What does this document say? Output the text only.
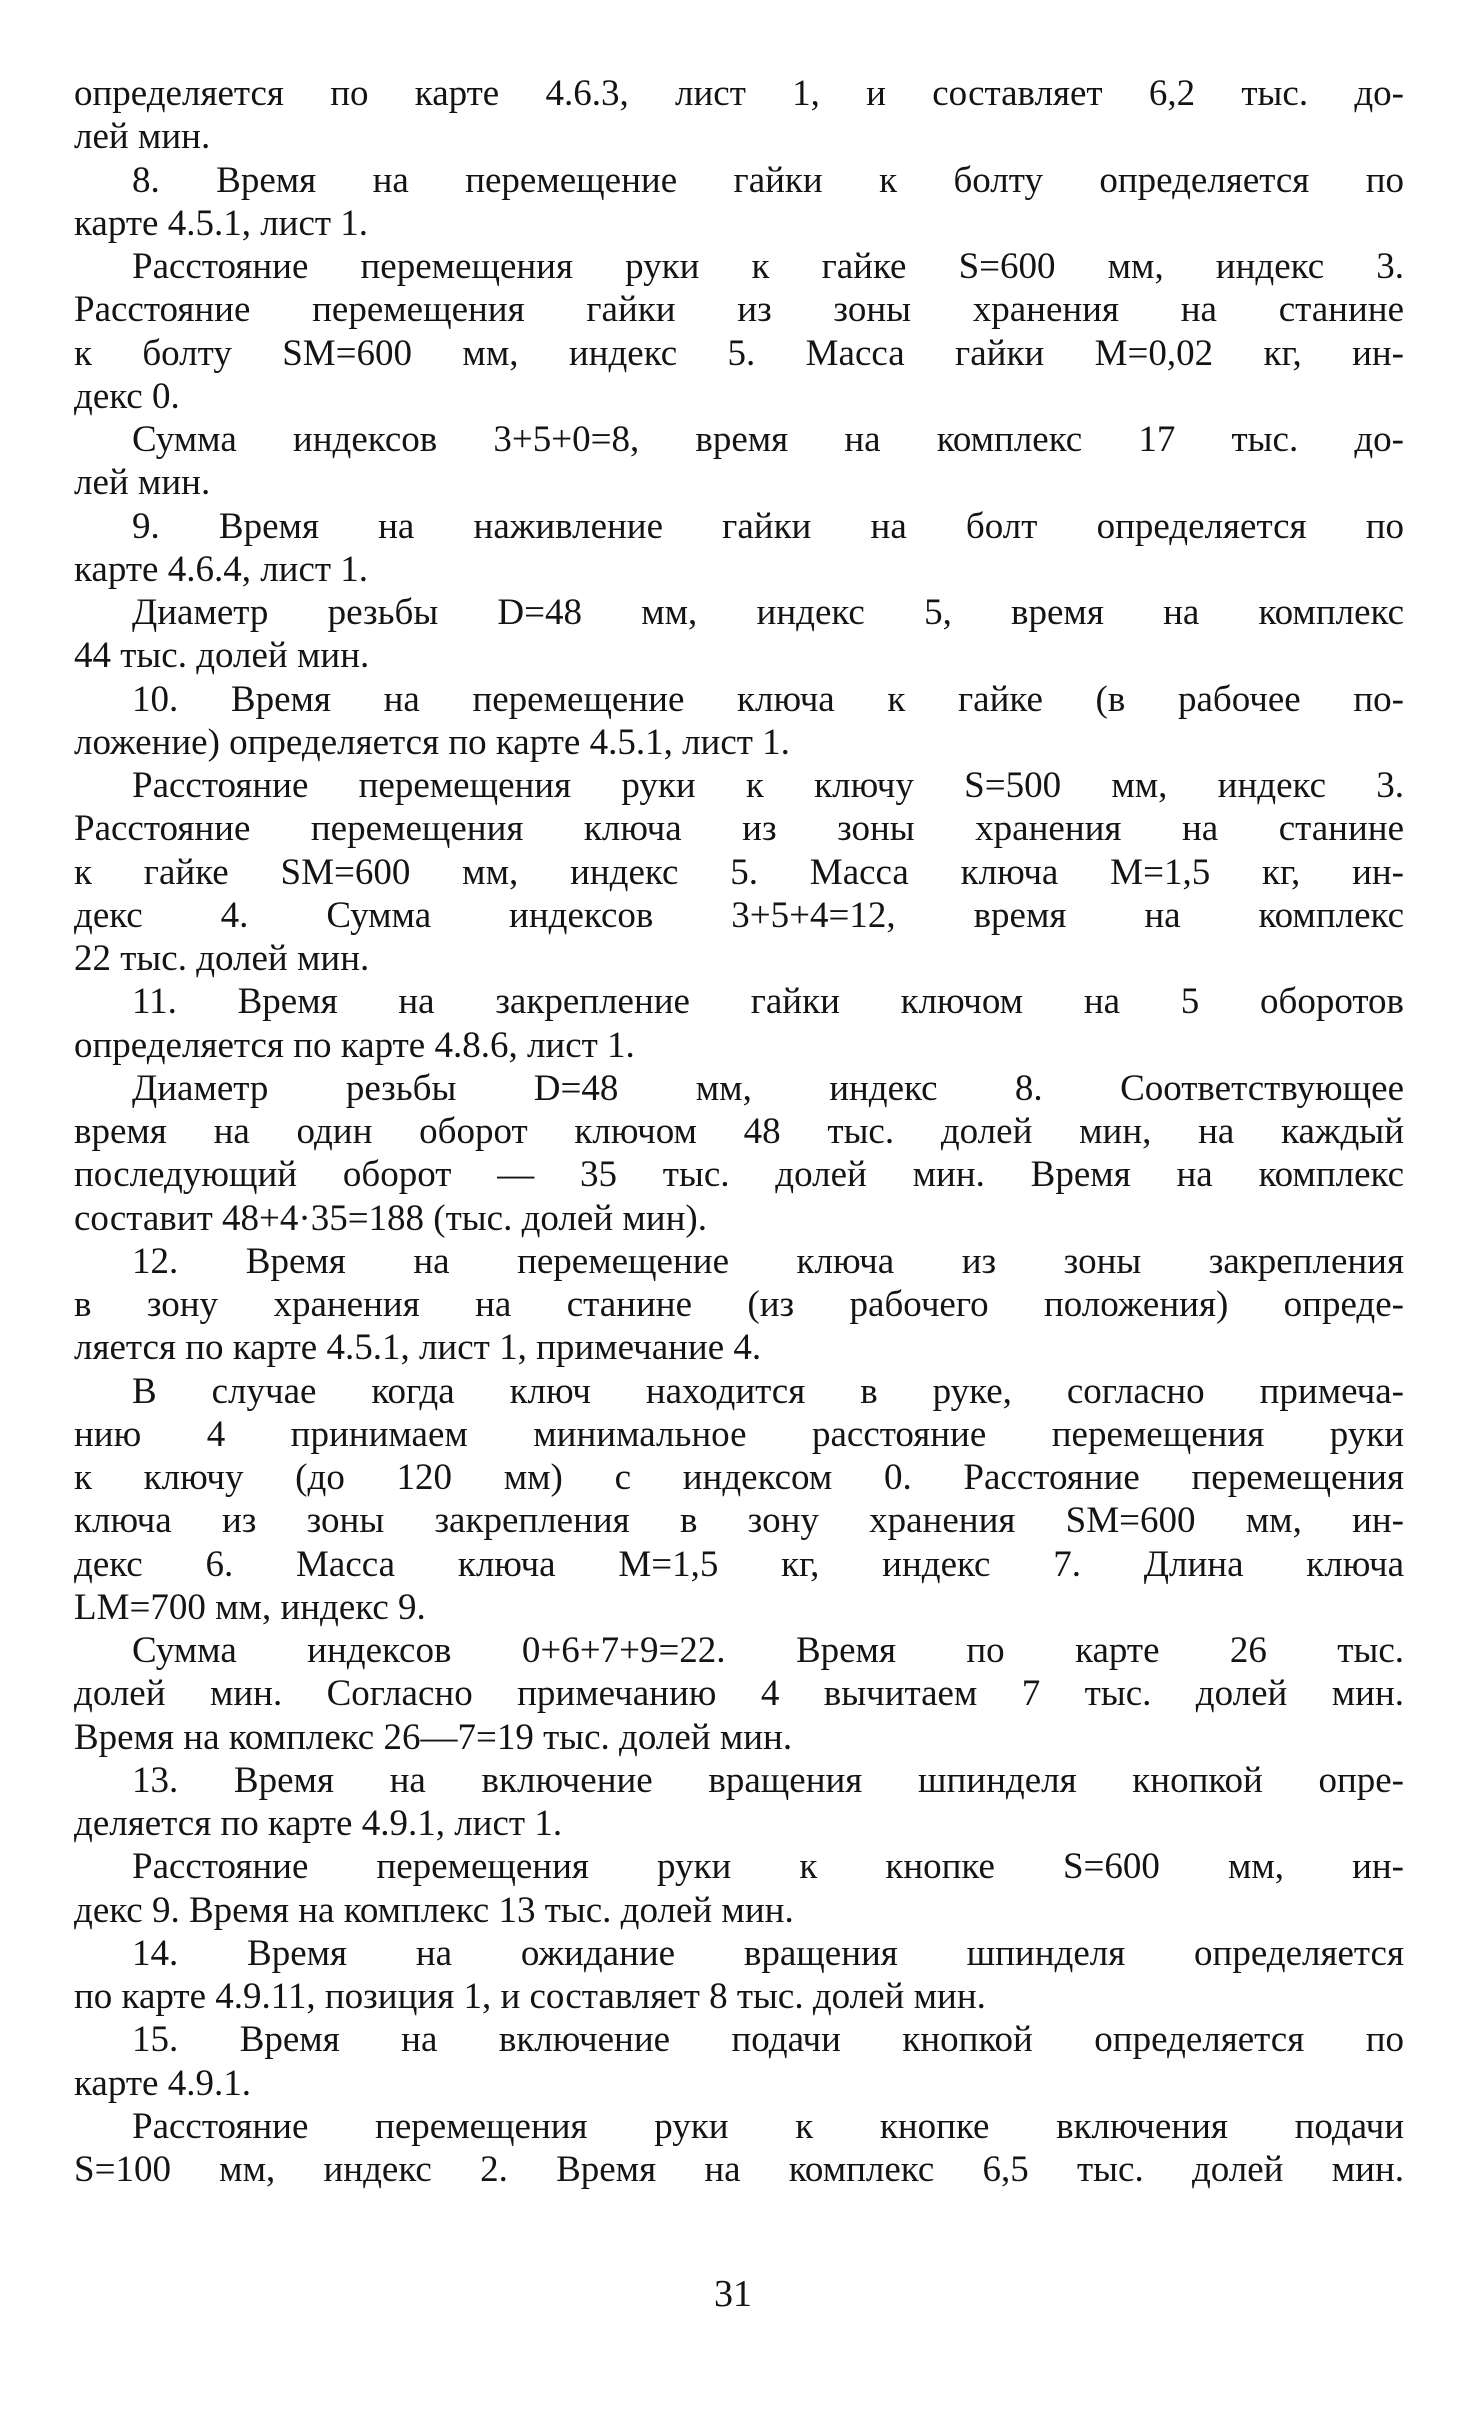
определяется по карте 4.6.3, лист 1, и составляет 6,2 тыс. до-
лей мин.
8. Время на перемещение гайки к болту определяется по
карте 4.5.1, лист 1.
Расстояние перемещения руки к гайке S=600 мм, индекс 3.
Расстояние перемещения гайки из зоны хранения на станине
к болту SM=600 мм, индекс 5. Масса гайки M=0,02 кг, ин-
декс 0.
Сумма индексов 3+5+0=8, время на комплекс 17 тыс. до-
лей мин.
9. Время на наживление гайки на болт определяется по
карте 4.6.4, лист 1.
Диаметр резьбы D=48 мм, индекс 5, время на комплекс
44 тыс. долей мин.
10. Время на перемещение ключа к гайке (в рабочее по-
ложение) определяется по карте 4.5.1, лист 1.
Расстояние перемещения руки к ключу S=500 мм, индекс 3.
Расстояние перемещения ключа из зоны хранения на станине
к гайке SM=600 мм, индекс 5. Масса ключа M=1,5 кг, ин-
декс 4. Сумма индексов 3+5+4=12, время на комплекс
22 тыс. долей мин.
11. Время на закрепление гайки ключом на 5 оборотов
определяется по карте 4.8.6, лист 1.
Диаметр резьбы D=48 мм, индекс 8. Соответствующее
время на один оборот ключом 48 тыс. долей мин, на каждый
последующий оборот — 35 тыс. долей мин. Время на комплекс
составит 48+4·35=188 (тыс. долей мин).
12. Время на перемещение ключа из зоны закрепления
в зону хранения на станине (из рабочего положения) опреде-
ляется по карте 4.5.1, лист 1, примечание 4.
В случае когда ключ находится в руке, согласно примеча-
нию 4 принимаем минимальное расстояние перемещения руки
к ключу (до 120 мм) с индексом 0. Расстояние перемещения
ключа из зоны закрепления в зону хранения SM=600 мм, ин-
декс 6. Масса ключа M=1,5 кг, индекс 7. Длина ключа
LM=700 мм, индекс 9.
Сумма индексов 0+6+7+9=22. Время по карте 26 тыс.
долей мин. Согласно примечанию 4 вычитаем 7 тыс. долей мин.
Время на комплекс 26—7=19 тыс. долей мин.
13. Время на включение вращения шпинделя кнопкой опре-
деляется по карте 4.9.1, лист 1.
Расстояние перемещения руки к кнопке S=600 мм, ин-
декс 9. Время на комплекс 13 тыс. долей мин.
14. Время на ожидание вращения шпинделя определяется
по карте 4.9.11, позиция 1, и составляет 8 тыс. долей мин.
15. Время на включение подачи кнопкой определяется по
карте 4.9.1.
Расстояние перемещения руки к кнопке включения подачи
S=100 мм, индекс 2. Время на комплекс 6,5 тыс. долей мин.
31
